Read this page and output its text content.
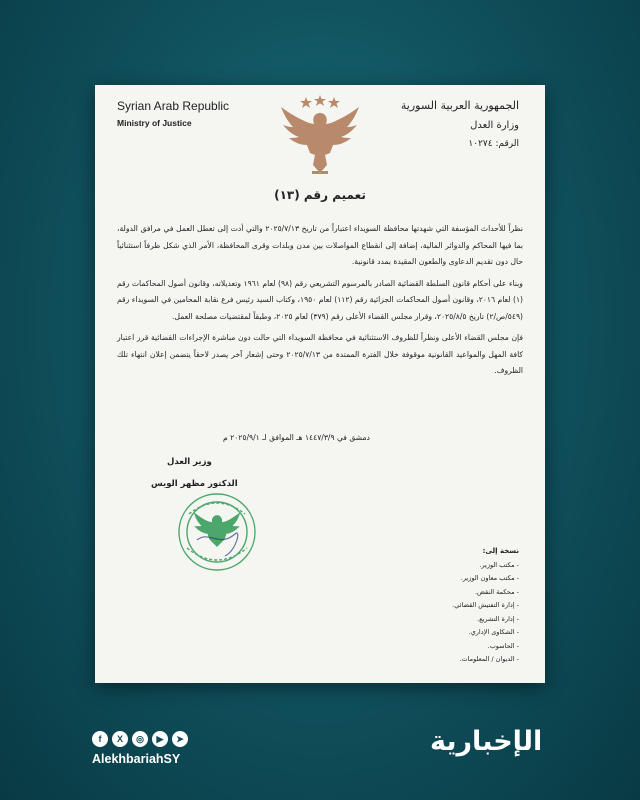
Syrian Arab Republic
Ministry of Justice
الجمهورية العربية السورية
وزارة العدل
الرقم: ١٠٢٧٤
تعميم رقم (١٣)

نظراً للأحداث المؤسفة التي شهدتها محافظة السويداء اعتباراً من تاريخ ٢٠٢٥/٧/١٣ والتي أدت إلى تعطل العمل في مرافق الدولة، بما فيها المحاكم والدوائر المالية، إضافة إلى انقطاع المواصلات بين مدن وبلدات وقرى المحافظة، الأمر الذي شكل ظرفاً استثنائياً حال دون تقديم الدعاوى والطعون المقيدة بمدد قانونية.

وبناء على أحكام قانون السلطة القضائية الصادر بالمرسوم التشريعي رقم (٩٨) لعام ١٩٦١ وتعديلاته، وقانون أصول المحاكمات رقم (١) لعام ٢٠١٦، وقانون أصول المحاكمات الجزائية رقم (١١٢) لعام ١٩٥٠، وكتاب السيد رئيس فرع نقابة المحامين في السويداء رقم (٥٤٩/ص/٢) تاريخ ٢٠٢٥/٨/٥، وقرار مجلس القضاء الأعلى رقم (٣٧٩) لعام ٢٠٢٥، وطبقاً لمقتضيات مصلحة العمل.

فإن مجلس القضاء الأعلى ونظراً للظروف الاستثنائية في محافظة السويداء التي حالت دون مباشرة الإجراءات القضائية قرر اعتبار كافة المهل والمواعيد القانونية موقوفة خلال الفترة الممتدة من ٢٠٢٥/٧/١٣ وحتى إشعار آخر يصدر لاحقاً يتضمن إعلان انتهاء تلك الظروف.

دمشق في ١٤٤٧/٣/٩ هـ الموافق لـ ٢٠٢٥/٩/١ م
وزير العدل
الدكتور مظهر الويس
نسخة إلى:
- مكتب الوزير.
- مكتب معاون الوزير.
- محكمة النقض.
- إدارة التفتيش القضائي.
- إدارة التشريع.
- الشكاوى الإداري.
- الحاسوب.
- الديوان / المعلومات.
f	X	◎	▶	➤
AlekhbariahSY
الإخبارية
